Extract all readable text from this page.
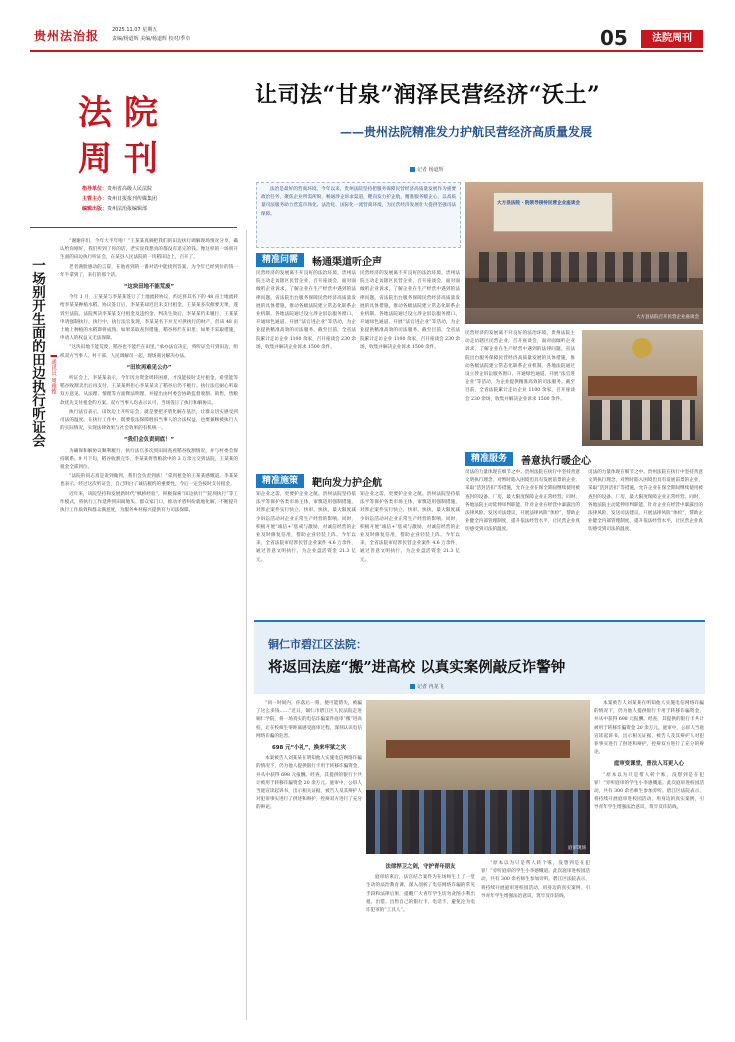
贵州法治报	2025.11.07 星期五
责编/杨道辉 美编/杨道辉 校对/季卓	05	法院周刊
法 院
周 刊
指导单位：贵州省高级人民法院
主管主办：贵州日报报刊传媒集团
编辑出版：贵州法治报编辑部
让司法“甘泉”润泽民营经济“沃土”
——贵州法院精准发力护航民营经济高质量发展
记者 杨道辉
一场别开生面的田边执行听证会 ▌通讯员 周雅雅

“谢谢你们，今年大半年啦！”王某某真摘把我们的田边执行调解现场情况分享，确认给你刚好，我们听到了你的话，老实说我想真的都没有追完的钱。像这样的一场别开生面的田边执行听证会，在某县人民法院的一块稻田边上，召开了。

老者满脸感动的言辞，在他看到的一番对话中能找到答案，为今年已经到位的钱一年半拿到了，来打的那个话。

“这块田地不能荒废”

今年 1 月，王某某与李某某签订了土地流转协议，约定将其名下的 48 亩土地流转给李某某种植水稻。协议签订后，李某某却迟迟未支付租金，王某某多次催要无果，遂诉至法院。法院判决李某某支付租金及违约金。判决生效后，李某某仍未履行，王某某申请强制执行。执行中，执行法官发现，李某某名下并无可供执行的财产，但该 48 亩土地上种植的水稻即将成熟。如果采取查封措施，稻谷将烂在田里；如果不采取措施，申请人的权益又无法保障。

“这块田地不能荒废，稻谷也不能烂在田里。”承办法官决定，将听证会开到田边，组织双方当事人、村干部、人民调解员一起，现场商讨解决办法。

“田坎再难见公办”

听证会上，李某某表示，今年因为资金周转困难，才没能按时支付租金，希望能等稻谷收割卖出后再支付。王某某则担心李某某卖了稻谷后仍不履行。执行法官耐心听取双方意见，从法理、情理等方面释法明理，并提出由村委会协助监督收割、销售，售粮款优先支付租金的方案。双方当事人均表示认可，当场签订了执行和解协议。

执行法官表示，田坎边上开听证会，就是要把矛盾化解在基层，让群众切实感受到司法的温度。在执行工作中，既要依法保障胜诉当事人的合法权益，也要兼顾被执行人的实际情况，实现法律效果与社会效果的有机统一。

“我们会负责到底！”

为确保和解协议顺利履行，执行法官多次到田间查看稻谷收割情况，并与村委会保持联系。9 月下旬，稻谷收割完毕，李某某将售粮款中的 3 万余元交到法院，王某某的租金全部到位。

“法院的同志真是说到做到，我们会负责到底！”拿到租金的王某某感慨道。李某某也表示，经过这次听证会，自己明白了诚信履约的重要性，今后一定会按时支付租金。

近年来，该院坚持和发展新时代“枫桥经验”，积极探索“田边执行”“院坝执行”等工作模式，将执行工作延伸到田间地头、群众家门口，推动矛盾纠纷就地化解，不断提升执行工作质效和群众满意度，为服务乡村振兴提供有力司法保障。

法治是最好的营商环境。今年以来，贵州法院坚持把服务保障民营经济高质量发展作为重要政治任务，聚焦企业所需所盼，畅通涉企诉求渠道，靶向发力护企航，精准服务暖企心，以高质量司法服务助力营造市场化、法治化、国际化一流营商环境，为民营经济发展壮大提供坚强司法保障。
大方县法院 · 院领导接待民营企业座谈会
大方县法院召开民营企业座谈会
精准问需	畅通渠道听企声
民营经济的发展离不开良好的法治环境。贵州法院主动走访辖区民营企业，召开座谈会，面对面倾听企业诉求，了解企业在生产经营中遇到的法律问题。省法院出台服务保障民营经济高质量发展的具体措施，推动各级法院建立常态化联系企业机制。各地法院通过设立涉企诉讼服务窗口、开通绿色通道、开展“法官进企业”等活动，为企业提供精准高效的司法服务。截至目前，全省法院累计走访企业 1100 余家，召开座谈会 230 余场，收集并解决企业诉求 1500 余件。
民营经济的发展离不开良好的法治环境。贵州法院主动走访辖区民营企业，召开座谈会，面对面倾听企业诉求，了解企业在生产经营中遇到的法律问题。省法院出台服务保障民营经济高质量发展的具体措施，推动各级法院建立常态化联系企业机制。各地法院通过设立涉企诉讼服务窗口、开通绿色通道、开展“法官进企业”等活动，为企业提供精准高效的司法服务。截至目前，全省法院累计走访企业 1100 余家，召开座谈会 230 余场，收集并解决企业诉求 1500 余件。
精准施策	靶向发力护企航
知企业之需，更要护企业之航。贵州法院坚持依法平等保护各类市场主体，审慎适用强制措施，对涉企案件实行快立、快审、快执，最大限度减少诉讼活动对企业正常生产经营的影响。同时，积极开展“诚信+”惩戒与激励，对诚信经营的企业及时修复信用，帮助企业轻装上阵。今年以来，全省法院审结涉民营企业案件 4.6 万余件，通过善意文明执行，为企业盘活资金 21.3 亿元。
知企业之需，更要护企业之航。贵州法院坚持依法平等保护各类市场主体，审慎适用强制措施，对涉企案件实行快立、快审、快执，最大限度减少诉讼活动对企业正常生产经营的影响。同时，积极开展“诚信+”惩戒与激励，对诚信经营的企业及时修复信用，帮助企业轻装上阵。今年以来，全省法院审结涉民营企业案件 4.6 万余件，通过善意文明执行，为企业盘活资金 21.3 亿元。
民营经济的发展离不开良好的法治环境。贵州法院主动走访辖区民营企业，召开座谈会，面对面倾听企业诉求，了解企业在生产经营中遇到的法律问题。省法院出台服务保障民营经济高质量发展的具体措施，推动各级法院建立常态化联系企业机制。各地法院通过设立涉企诉讼服务窗口、开通绿色通道、开展“法官进企业”等活动，为企业提供精准高效的司法服务。截至目前，全省法院累计走访企业 1100 余家，召开座谈会 230 余场，收集并解决企业诉求 1500 余件。
精准服务	善意执行暖企心
司法的力量体现在细节之中。贵州法院在执行中坚持善意文明执行理念，对暂时陷入困境但具有发展前景的企业，采取“活封活扣”等措施，允许企业在保全期间继续使用被查封的设备、厂房，最大限度保障企业正常经营。同时，各地法院主动延伸审判职能，针对企业在经营中暴露出的法律风险，发送司法建议，开展法律风险“体检”，帮助企业健全内部管理制度，提升依法经营水平，让民营企业真切感受到司法的温度。
司法的力量体现在细节之中。贵州法院在执行中坚持善意文明执行理念，对暂时陷入困境但具有发展前景的企业，采取“活封活扣”等措施，允许企业在保全期间继续使用被查封的设备、厂房，最大限度保障企业正常经营。同时，各地法院主动延伸审判职能，针对企业在经营中暴露出的法律风险，发送司法建议，开展法律风险“体检”，帮助企业健全内部管理制度，提升依法经营水平，让民营企业真切感受到司法的温度。
铜仁市碧江区法院：
将返回法庭“搬”进高校 以真实案例敲反诈警钟
记者 冉龙飞

“同一时间内，你落后一刻，便可能错失，被骗了这么多钱……”近日，铜仁市碧江区人民法院走进铜仁学院，将一场真实的电信诈骗案件庭审“搬”进高校，让在校师生零距离感受庭审过程，深刻认识电信网络诈骗的危害。

698 元“小礼”，换来牢狱之灾

本案被告人刘某某在明知他人实施电信网络诈骗的情况下，仍为他人提供银行卡用于转移诈骗资金，并从中获得 698 元报酬。经查，其提供的银行卡共计被用于转移诈骗资金 20 余万元。庭审中，公诉人当庭宣读起诉书，出示相关证据，被告人及其辩护人对犯罪事实进行了供述和辩护，控辩双方进行了充分的辩论。

庭审现场
法律捍卫之剑，守护青年朋友

庭审结束后，法官结合案件为在场师生上了一堂生动的法治教育课，深入剖析了电信网络诈骗的常见手段和法律后果，提醒广大青年学生切勿贪图小利出租、出借、出售自己的银行卡、电话卡，避免沦为电诈犯罪的“工具人”。

“原本以为只是帮人转个账，没想到是在犯罪！”旁听庭审的学生小李感慨道。此次庭审进校园活动，共有 300 余名师生参加旁听。碧江区法院表示，将持续开展庭审进校园活动，用身边的真实案例，引导青年学生增强法治意识，筑牢反诈防线。

本案被告人刘某某在明知他人实施电信网络诈骗的情况下，仍为他人提供银行卡用于转移诈骗资金，并从中获得 698 元报酬。经查，其提供的银行卡共计被用于转移诈骗资金 20 余万元。庭审中，公诉人当庭宣读起诉书，出示相关证据，被告人及其辩护人对犯罪事实进行了供述和辩护，控辩双方进行了充分的辩论。

庭审变课堂，普法入耳更入心

“原本以为只是帮人转个账，没想到是在犯罪！”旁听庭审的学生小李感慨道。此次庭审进校园活动，共有 300 余名师生参加旁听。碧江区法院表示，将持续开展庭审进校园活动，用身边的真实案例，引导青年学生增强法治意识，筑牢反诈防线。
